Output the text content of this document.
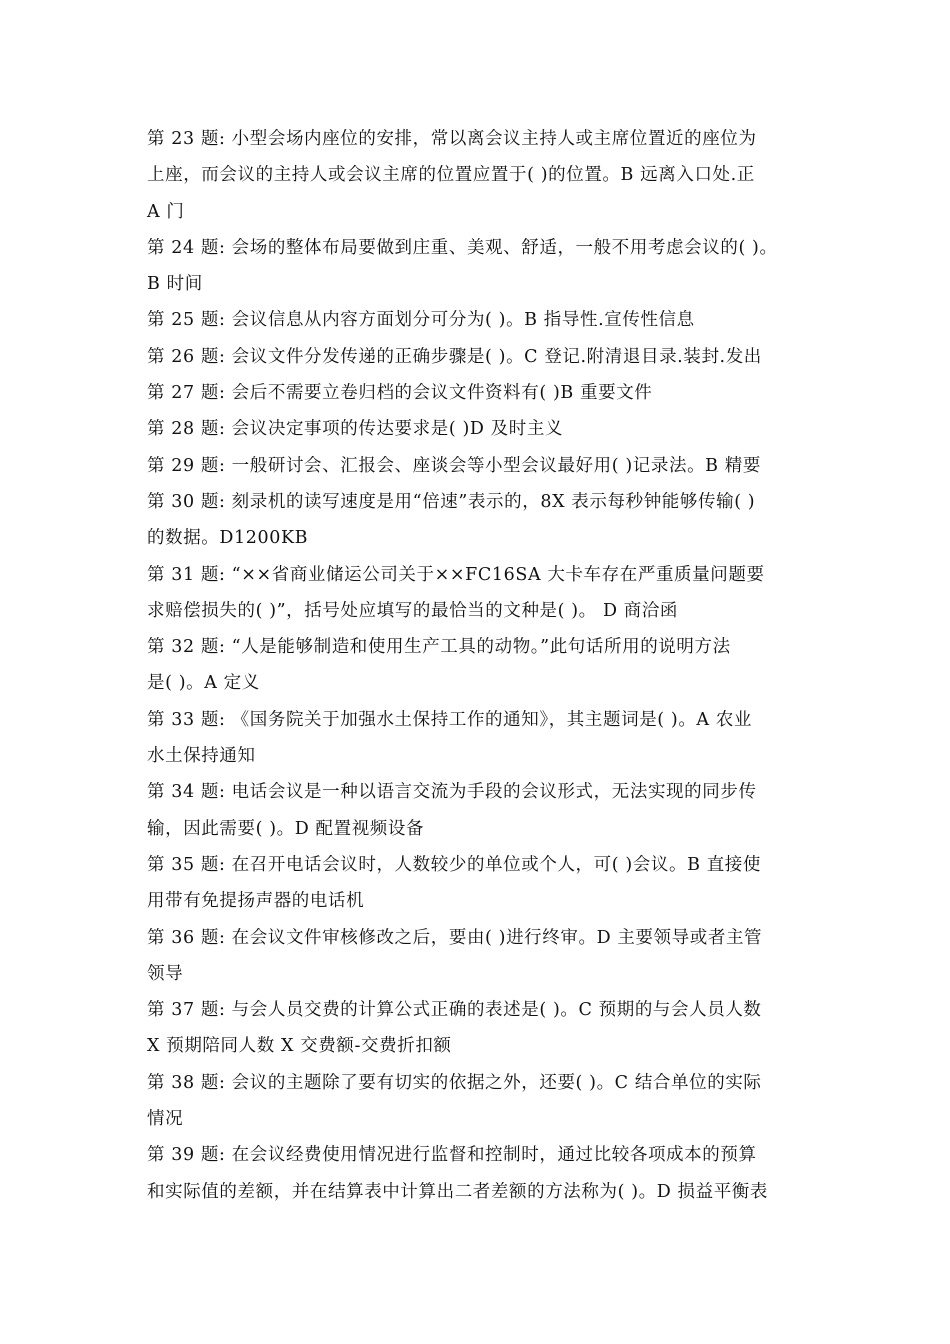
第 23 题: 小型会场内座位的安排，常以离会议主持人或主席位置近的座位为
上座，而会议的主持人或会议主席的位置应置于( )的位置。B 远离入口处.正
A 门
第 24 题: 会场的整体布局要做到庄重、美观、舒适，一般不用考虑会议的( )。
B 时间
第 25 题: 会议信息从内容方面划分可分为( )。B 指导性.宣传性信息
第 26 题: 会议文件分发传递的正确步骤是( )。C 登记.附清退目录.装封.发出
第 27 题: 会后不需要立卷归档的会议文件资料有( )B 重要文件
第 28 题: 会议决定事项的传达要求是( )D 及时主义
第 29 题: 一般研讨会、汇报会、座谈会等小型会议最好用( )记录法。B 精要
第 30 题: 刻录机的读写速度是用“倍速”表示的，8X 表示每秒钟能够传输( )
的数据。D1200KB
第 31 题: “××省商业储运公司关于××FC16SA 大卡车存在严重质量问题要
求赔偿损失的( )”，括号处应填写的最恰当的文种是( )。 D 商洽函
第 32 题: “人是能够制造和使用生产工具的动物。”此句话所用的说明方法
是( )。A 定义
第 33 题: 《国务院关于加强水土保持工作的通知》，其主题词是( )。A 农业
水土保持通知
第 34 题: 电话会议是一种以语言交流为手段的会议形式，无法实现的同步传
输，因此需要( )。D 配置视频设备
第 35 题: 在召开电话会议时，人数较少的单位或个人，可( )会议。B 直接使
用带有免提扬声器的电话机
第 36 题: 在会议文件审核修改之后，要由( )进行终审。D 主要领导或者主管
领导
第 37 题: 与会人员交费的计算公式正确的表述是( )。C 预期的与会人员人数
X 预期陪同人数 X 交费额-交费折扣额
第 38 题: 会议的主题除了要有切实的依据之外，还要( )。C 结合单位的实际
情况
第 39 题: 在会议经费使用情况进行监督和控制时，通过比较各项成本的预算
和实际值的差额，并在结算表中计算出二者差额的方法称为( )。D 损益平衡表
